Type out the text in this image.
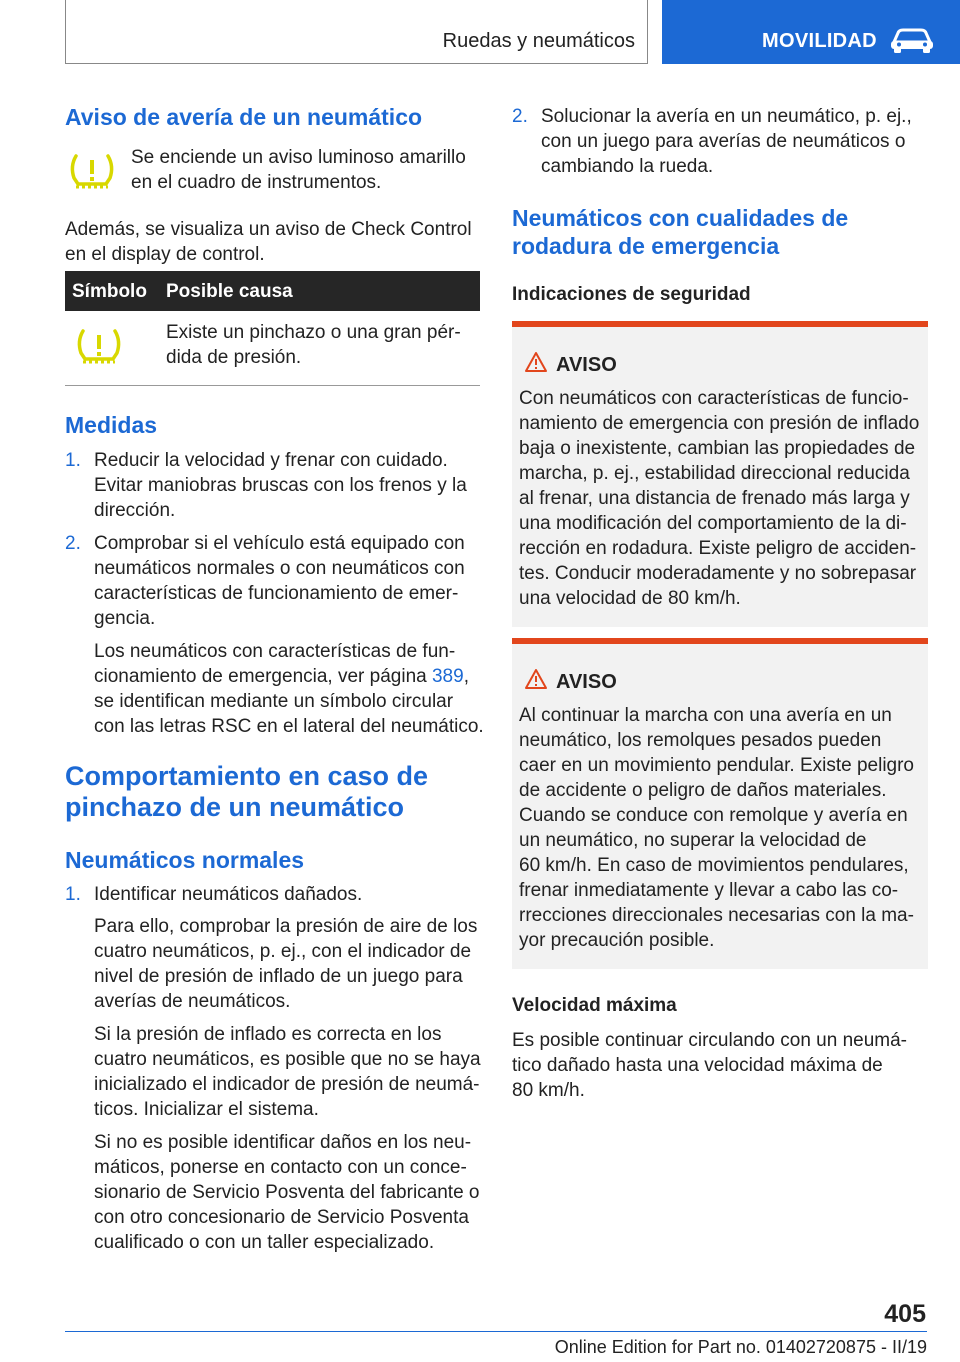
Ruedas y neumáticos	MOVILIDAD
Aviso de avería de un neumático
Se enciende un aviso luminoso amarillo
en el cuadro de instrumentos.
Además, se visualiza un aviso de Check Control
en el display de control.
Símbolo Posible causa
Existe un pinchazo o una gran pér‐
dida de presión.
Medidas
1. Reducir la velocidad y frenar con cuidado.
Evitar maniobras bruscas con los frenos y la
dirección.
2. Comprobar si el vehículo está equipado con
neumáticos normales o con neumáticos con
características de funcionamiento de emer‐
gencia.
Los neumáticos con características de fun‐
cionamiento de emergencia, ver página 389,
se identifican mediante un símbolo circular
con las letras RSC en el lateral del neumático.
Comportamiento en caso de
pinchazo de un neumático
Neumáticos normales
1. Identificar neumáticos dañados.
Para ello, comprobar la presión de aire de los
cuatro neumáticos, p. ej., con el indicador de
nivel de presión de inflado de un juego para
averías de neumáticos.
Si la presión de inflado es correcta en los
cuatro neumáticos, es posible que no se haya
inicializado el indicador de presión de neumá‐
ticos. Inicializar el sistema.
Si no es posible identificar daños en los neu‐
máticos, ponerse en contacto con un conce‐
sionario de Servicio Posventa del fabricante o
con otro concesionario de Servicio Posventa
cualificado o con un taller especializado.
2. Solucionar la avería en un neumático, p. ej.,
con un juego para averías de neumáticos o
cambiando la rueda.
Neumáticos con cualidades de
rodadura de emergencia
Indicaciones de seguridad
AVISO
Con neumáticos con características de funcio‐
namiento de emergencia con presión de inflado
baja o inexistente, cambian las propiedades de
marcha, p. ej., estabilidad direccional reducida
al frenar, una distancia de frenado más larga y
una modificación del comportamiento de la di‐
rección en rodadura. Existe peligro de acciden‐
tes. Conducir moderadamente y no sobrepasar
una velocidad de 80 km/h.
AVISO
Al continuar la marcha con una avería en un
neumático, los remolques pesados pueden
caer en un movimiento pendular. Existe peligro
de accidente o peligro de daños materiales.
Cuando se conduce con remolque y avería en
un neumático, no superar la velocidad de
60 km/h. En caso de movimientos pendulares,
frenar inmediatamente y llevar a cabo las co‐
rrecciones direccionales necesarias con la ma‐
yor precaución posible.
Velocidad máxima
Es posible continuar circulando con un neumá‐
tico dañado hasta una velocidad máxima de
80 km/h.
405
Online Edition for Part no. 01402720875 - II/19
